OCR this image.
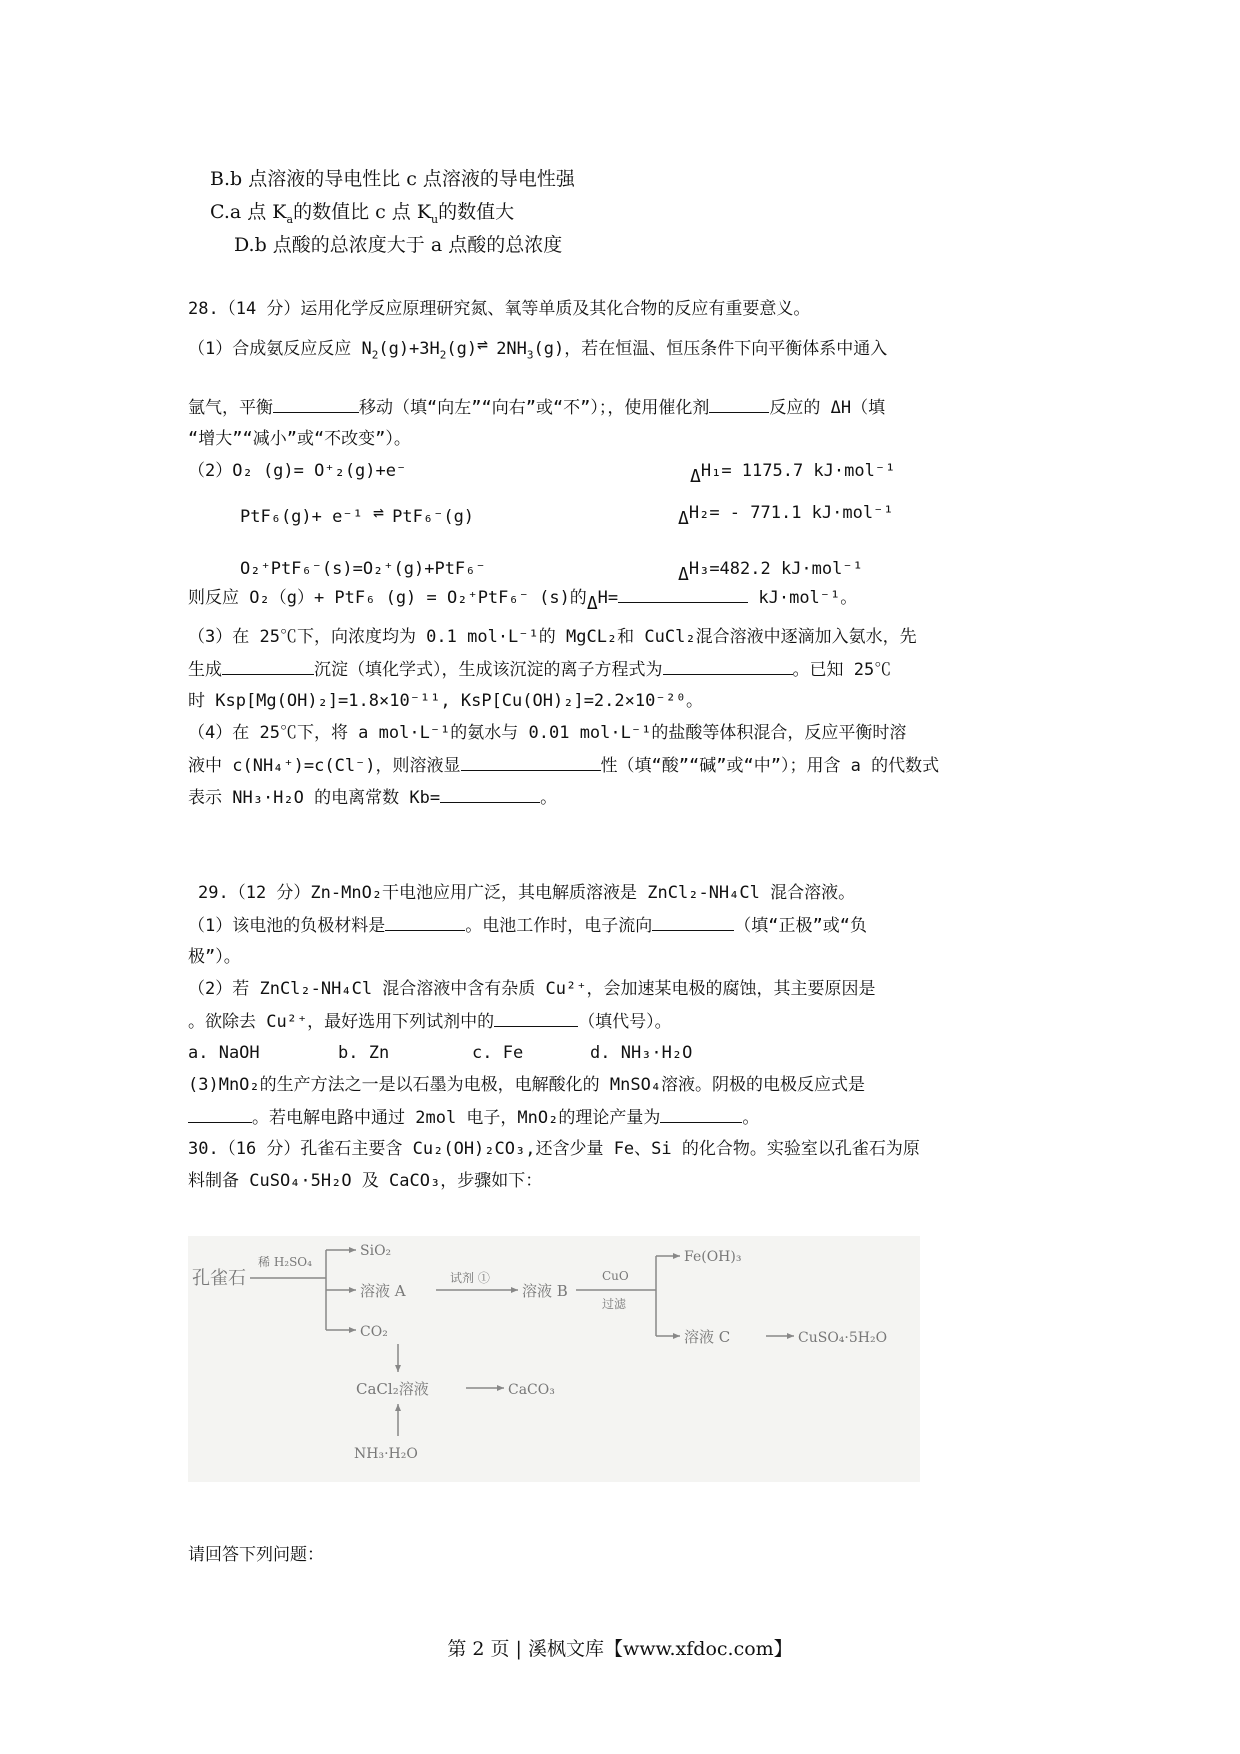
B.b 点溶液的导电性比 c 点溶液的导电性强
C.a 点 $K_a$的数值比 c 点 $K_u$的数值大
D.b 点酸的总浓度大于 a 点酸的总浓度
28.（14 分）运用化学反应原理研究氮、氧等单质及其化合物的反应有重要意义。
（1）合成氨反应反应 $N_2(g)+3H_2(g)\rightleftharpoons$ $2NH_3(g)$，若在恒温、恒压条件下向平衡体系中通入
氩气，平衡	移动（填“向左”“向右”或“不”）；，使用催化剂	反应的 ΔH（填
“增大”“减小”或“不改变”）。
（2）O₂ (g)= O⁺₂(g)+e⁻	ΔH₁= 1175.7 kJ·mol⁻¹
PtF₆(g)+ e⁻¹ ⇌ PtF₆⁻(g)	ΔH₂= - 771.1 kJ·mol⁻¹
O₂⁺PtF₆⁻(s)=O₂⁺(g)+PtF₆⁻	ΔH₃=482.2 kJ·mol⁻¹
则反应 O₂（g）+ PtF₆ (g) = O₂⁺PtF₆⁻ (s)的ΔH=	kJ·mol⁻¹。
（3）在 25℃下，向浓度均为 0.1 mol·L⁻¹的 MgCL₂和 CuCl₂混合溶液中逐滴加入氨水，先
生成	沉淀（填化学式），生成该沉淀的离子方程式为	。已知 25℃
时 Ksp[Mg(OH)₂]=1.8×10⁻¹¹, KsP[Cu(OH)₂]=2.2×10⁻²⁰。
（4）在 25℃下，将 a mol·L⁻¹的氨水与 0.01 mol·L⁻¹的盐酸等体积混合，反应平衡时溶
液中 c(NH₄⁺)=c(Cl⁻)，则溶液显	性（填“酸”“碱”或“中”）；用含 a 的代数式
表示 NH₃·H₂O 的电离常数 Kb=	。
29.（12 分）Zn-MnO₂干电池应用广泛，其电解质溶液是 ZnCl₂-NH₄Cl 混合溶液。
（1）该电池的负极材料是	。电池工作时，电子流向	（填“正极”或“负
极”）。
（2）若 ZnCl₂-NH₄Cl 混合溶液中含有杂质 Cu²⁺，会加速某电极的腐蚀，其主要原因是
。欲除去 Cu²⁺，最好选用下列试剂中的	（填代号）。
a. NaOH	b. Zn	c. Fe	d. NH₃·H₂O
(3)MnO₂的生产方法之一是以石墨为电极，电解酸化的 MnSO₄溶液。阴极的电极反应式是
。若电解电路中通过 2mol 电子，MnO₂的理论产量为	。
30.（16 分）孔雀石主要含 Cu₂(OH)₂CO₃,还含少量 Fe、Si 的化合物。实验室以孔雀石为原
料制备 CuSO₄·5H₂O 及 CaCO₃，步骤如下：
孔雀石
稀 H₂SO₄
SiO₂
溶液 A
试剂 ①
溶液 B
CuO
过滤
Fe(OH)₃
溶液 C	CuSO₄·5H₂O
CO₂
CaCl₂溶液	CaCO₃
NH₃·H₂O
请回答下列问题：
第 2 页 | 溪枫文库【www.xfdoc.com】
